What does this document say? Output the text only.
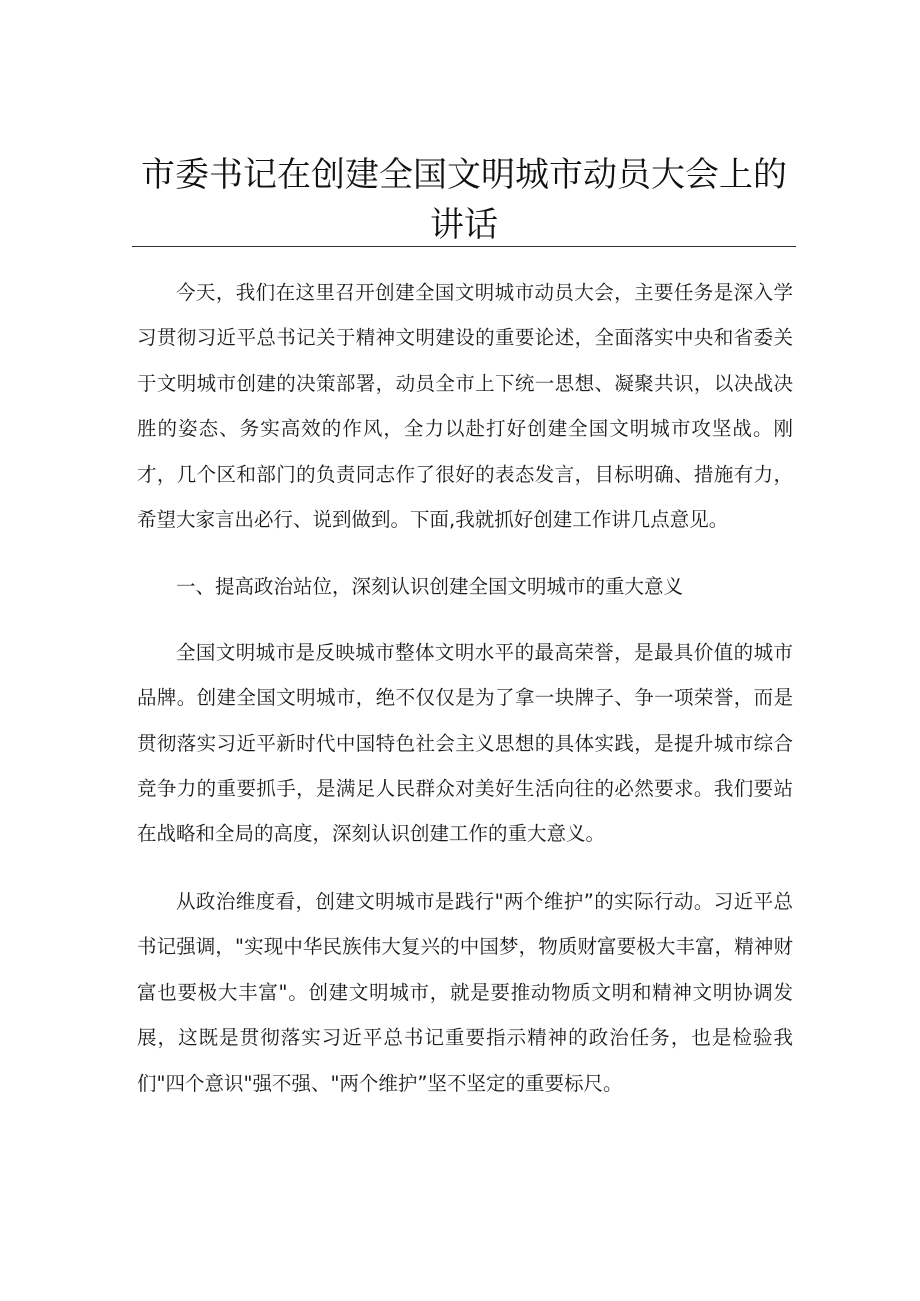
市委书记在创建全国文明城市动员大会上的讲话

今天，我们在这里召开创建全国文明城市动员大会，主要任务是深入学习贯彻习近平总书记关于精神文明建设的重要论述，全面落实中央和省委关于文明城市创建的决策部署，动员全市上下统一思想、凝聚共识，以决战决胜的姿态、务实高效的作风，全力以赴打好创建全国文明城市攻坚战。刚才，几个区和部门的负责同志作了很好的表态发言，目标明确、措施有力，希望大家言出必行、说到做到。下面,我就抓好创建工作讲几点意见。

一、提高政治站位，深刻认识创建全国文明城市的重大意义

全国文明城市是反映城市整体文明水平的最高荣誉，是最具价值的城市品牌。创建全国文明城市，绝不仅仅是为了拿一块牌子、争一项荣誉，而是贯彻落实习近平新时代中国特色社会主义思想的具体实践，是提升城市综合竞争力的重要抓手，是满足人民群众对美好生活向往的必然要求。我们要站在战略和全局的高度，深刻认识创建工作的重大意义。

从政治维度看，创建文明城市是践行"两个维护”的实际行动。习近平总书记强调，"实现中华民族伟大复兴的中国梦，物质财富要极大丰富，精神财富也要极大丰富"。创建文明城市，就是要推动物质文明和精神文明协调发展，这既是贯彻落实习近平总书记重要指示精神的政治任务，也是检验我们"四个意识"强不强、"两个维护”坚不坚定的重要标尺。
